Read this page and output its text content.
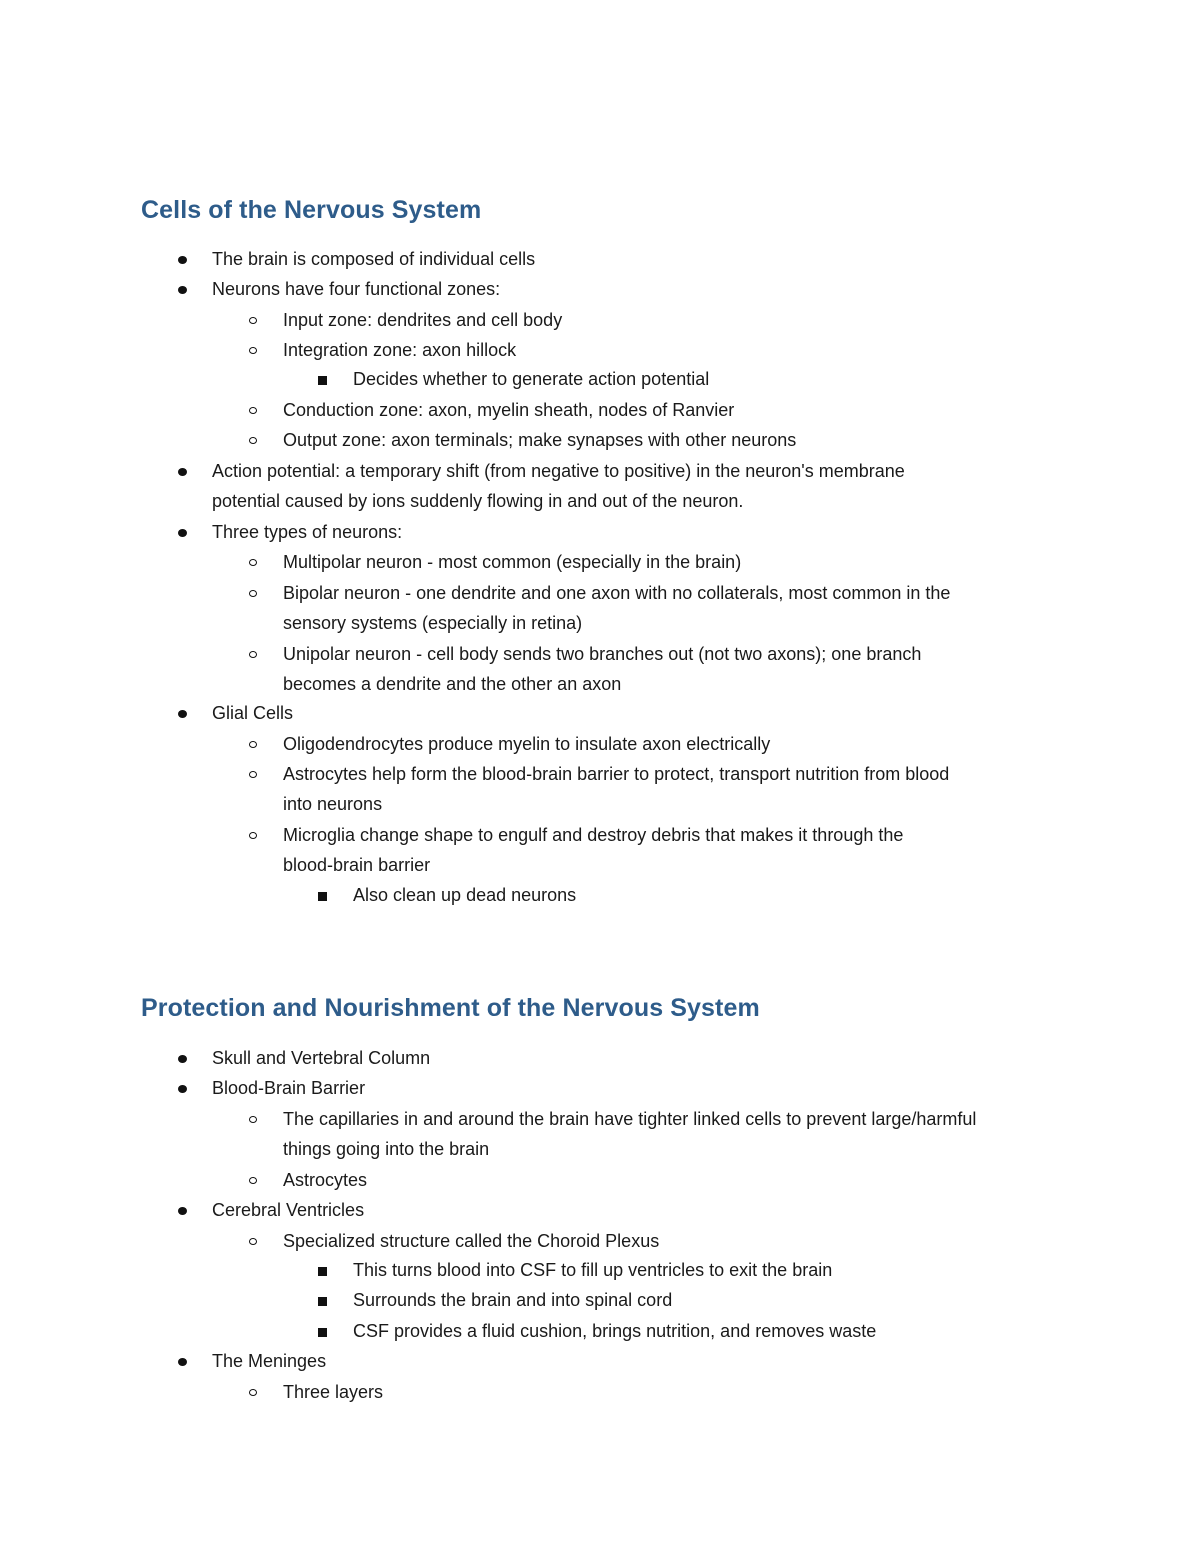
Cells of the Nervous System
The brain is composed of individual cells
Neurons have four functional zones:
Input zone: dendrites and cell body
Integration zone: axon hillock
Decides whether to generate action potential
Conduction zone: axon, myelin sheath, nodes of Ranvier
Output zone: axon terminals; make synapses with other neurons
Action potential: a temporary shift (from negative to positive) in the neuron's membrane
potential caused by ions suddenly flowing in and out of the neuron.
Three types of neurons:
Multipolar neuron - most common (especially in the brain)
Bipolar neuron - one dendrite and one axon with no collaterals, most common in the
sensory systems (especially in retina)
Unipolar neuron - cell body sends two branches out (not two axons); one branch
becomes a dendrite and the other an axon
Glial Cells
Oligodendrocytes produce myelin to insulate axon electrically
Astrocytes help form the blood-brain barrier to protect, transport nutrition from blood
into neurons
Microglia change shape to engulf and destroy debris that makes it through the
blood-brain barrier
Also clean up dead neurons
Protection and Nourishment of the Nervous System
Skull and Vertebral Column
Blood-Brain Barrier
The capillaries in and around the brain have tighter linked cells to prevent large/harmful
things going into the brain
Astrocytes
Cerebral Ventricles
Specialized structure called the Choroid Plexus
This turns blood into CSF to fill up ventricles to exit the brain
Surrounds the brain and into spinal cord
CSF provides a fluid cushion, brings nutrition, and removes waste
The Meninges
Three layers
